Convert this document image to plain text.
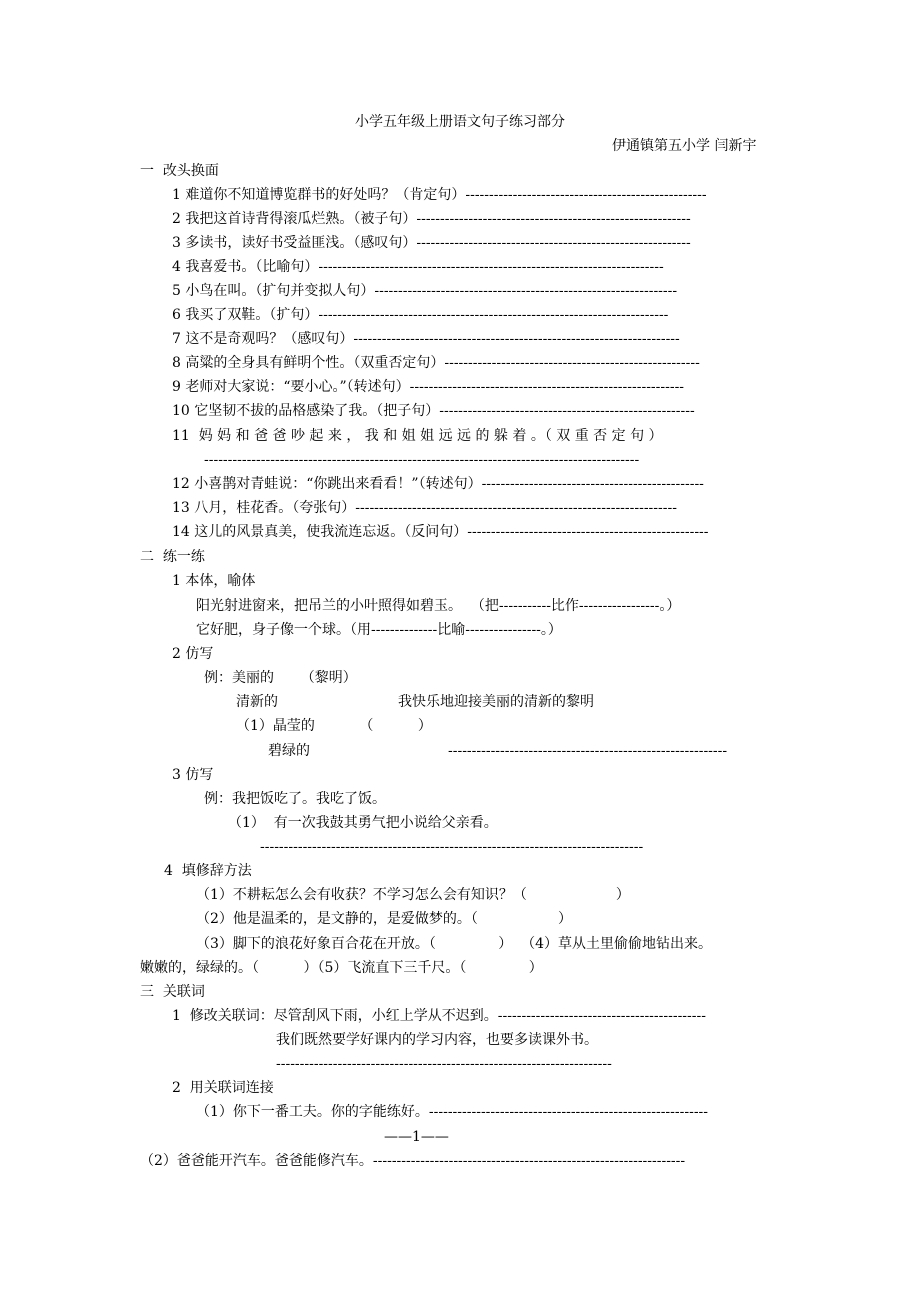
小学五年级上册语文句子练习部分
伊通镇第五小学 闫新宇
一  改头换面
1 难道你不知道博览群书的好处吗？（肯定句）---------------------------------------------------
2 我把这首诗背得滚瓜烂熟。（被子句）----------------------------------------------------------
3 多读书，读好书受益匪浅。（感叹句）----------------------------------------------------------
4 我喜爱书。（比喻句）-------------------------------------------------------------------------
5 小鸟在叫。（扩句并变拟人句）----------------------------------------------------------------
6 我买了双鞋。（扩句）--------------------------------------------------------------------------
7 这不是奇观吗？（感叹句）---------------------------------------------------------------------
8 高粱的全身具有鲜明个性。（双重否定句）------------------------------------------------------
9 老师对大家说：“要小心。”（转述句）----------------------------------------------------------
10 它坚韧不拔的品格感染了我。（把子句）------------------------------------------------------
11  妈 妈 和 爸 爸 吵 起 来 ， 我 和 姐 姐 远 远 的 躲 着 。（ 双 重 否 定 句 ）
--------------------------------------------------------------------------------------------
12 小喜鹊对青蛙说：“你跳出来看看！”（转述句）-----------------------------------------------
13 八月，桂花香。（夸张句）--------------------------------------------------------------------
14 这儿的风景真美，使我流连忘返。（反问句）---------------------------------------------------
二  练一练
1 本体，喻体
阳光射进窗来，把吊兰的小叶照得如碧玉。  （把-----------比作-----------------。）
它好肥，身子像一个球。（用--------------比喻----------------。）
2 仿写
例：美丽的      （黎明）
清新的	我快乐地迎接美丽的清新的黎明
（1）晶莹的          （          ）
碧绿的	-----------------------------------------------------------
3 仿写
例：我把饭吃了。我吃了饭。
（1）  有一次我鼓其勇气把小说给父亲看。
---------------------------------------------------------------------------------
4  填修辞方法
（1）不耕耘怎么会有收获？不学习怎么会有知识？（                    ）
（2）他是温柔的，是文静的，是爱做梦的。（                  ）
（3）脚下的浪花好象百合花在开放。（              ）  （4）草从土里偷偷地钻出来。
嫩嫩的，绿绿的。（          ）（5）飞流直下三千尺。（              ）
三  关联词
1  修改关联词：尽管刮风下雨，小红上学从不迟到。--------------------------------------------
我们既然要学好课内的学习内容，也要多读课外书。
-----------------------------------------------------------------------
2  用关联词连接
（1）你下一番工夫。你的字能练好。-----------------------------------------------------------
——1——
（2）爸爸能开汽车。爸爸能修汽车。------------------------------------------------------------------
